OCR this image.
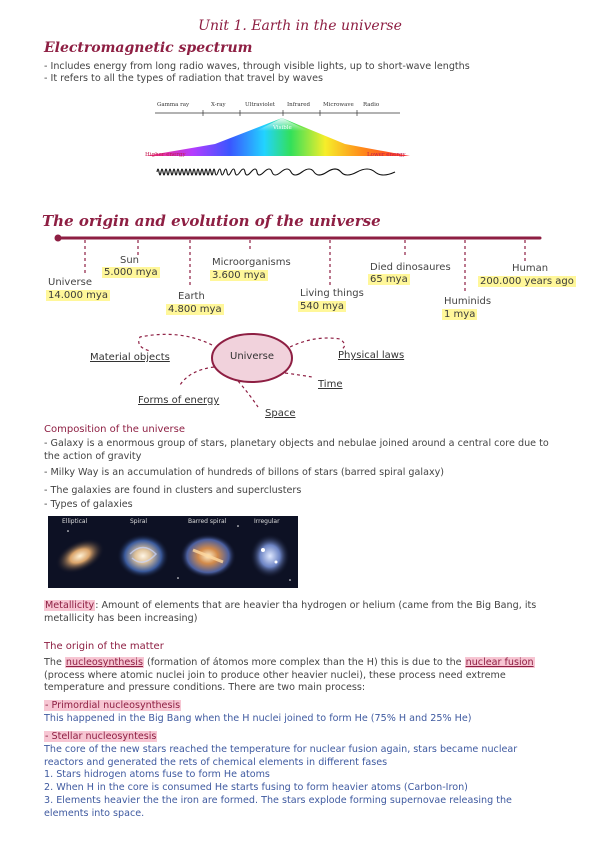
Unit 1. Earth in the universe
Electromagnetic spectrum
- Includes energy from long radio waves, through visible lights, up to short-wave lengths
- It refers to all the types of radiation that travel by waves
Gamma ray	X-ray	Ultraviolet Infrared Microwave Radio
Visible
Higher energy	Lower energy
The origin and evolution of the universe
Universe
14.000 mya
Sun
5.000 mya
Earth
4.800 mya
Microorganisms
3.600 mya
Living things
540 mya
Died dinosaures
65 mya
Huminids
1 mya
Human
200.000 years ago
Universe
Material objects
Forms of energy
Space
Time
Physical laws
Composition of the universe
- Galaxy is a enormous group of stars, planetary objects and nebulae joined around a central core due to the action of gravity
- Milky Way is an accumulation of hundreds of billons of stars (barred spiral galaxy)
- The galaxies are found in clusters and superclusters
- Types of galaxies
Elliptical	Spiral	Barred spiral	Irregular
Metallicity: Amount of elements that are heavier tha hydrogen or helium (came from the Big Bang, its metallicity has been increasing)
The origin of the matter
The nucleosynthesis (formation of átomos more complex than the H) this is due to the nuclear fusion (process where atomic nuclei join to produce other heavier nuclei), these process need extreme temperature and pressure conditions. There are two main process:
- Primordial nucleosynthesis
This happened in the Big Bang when the H nuclei joined to form He (75% H and 25% He)
- Stellar nucleosyntesis
The core of the new stars reached the temperature for nuclear fusion again, stars became nuclear reactors and generated the rets of chemical elements in different fases
1. Stars hidrogen atoms fuse to form He atoms
2. When H in the core is consumed He starts fusing to form heavier atoms (Carbon-Iron)
3. Elements heavier the the iron are formed. The stars explode forming supernovae releasing the elements into space.
